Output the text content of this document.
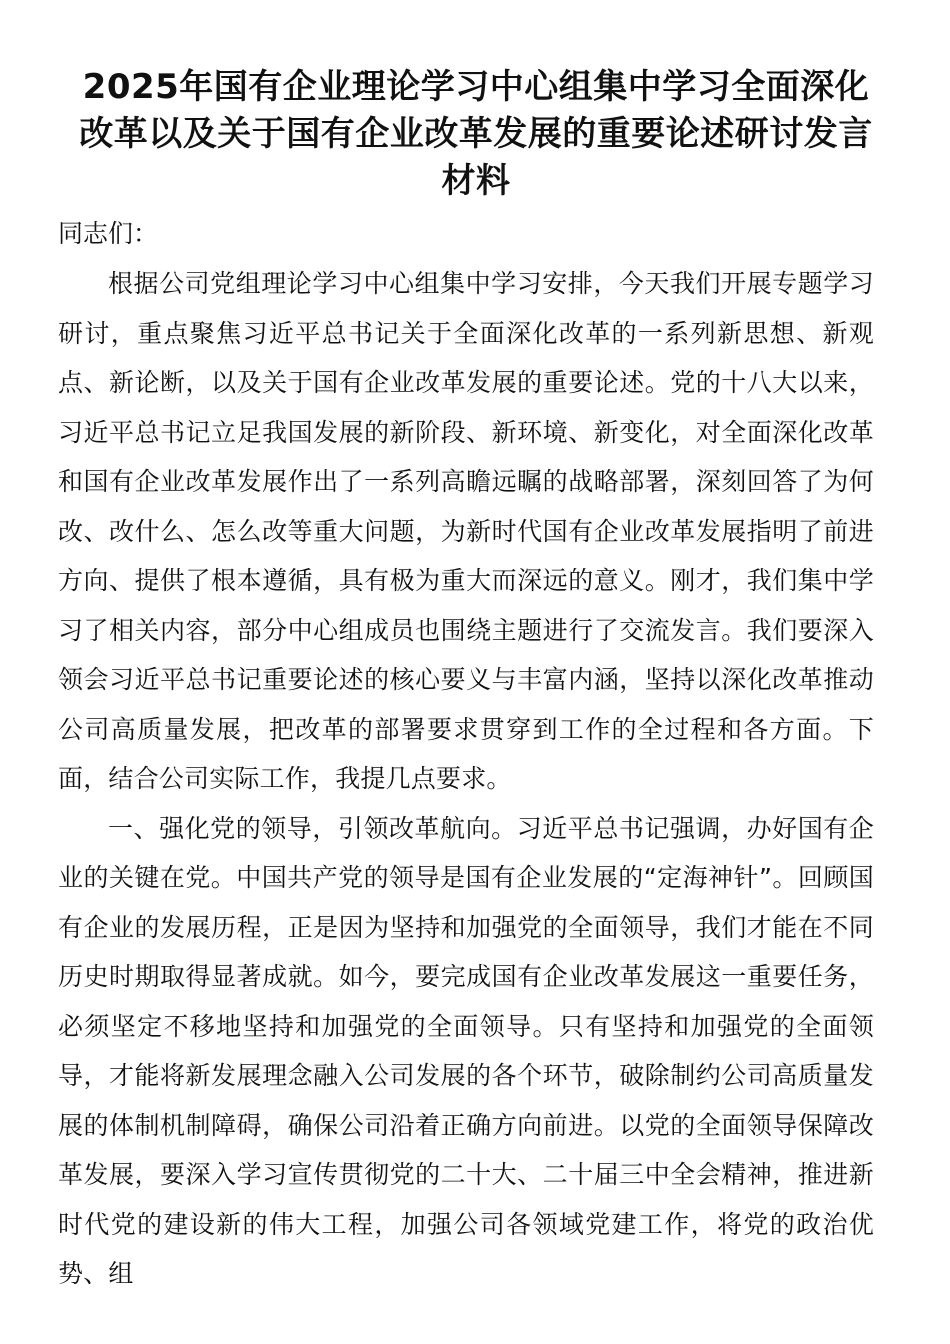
2025年国有企业理论学习中心组集中学习全面深化改革以及关于国有企业改革发展的重要论述研讨发言材料

同志们：

根据公司党组理论学习中心组集中学习安排，今天我们开展专题学习研讨，重点聚焦习近平总书记关于全面深化改革的一系列新思想、新观点、新论断，以及关于国有企业改革发展的重要论述。党的十八大以来，习近平总书记立足我国发展的新阶段、新环境、新变化，对全面深化改革和国有企业改革发展作出了一系列高瞻远瞩的战略部署，深刻回答了为何改、改什么、怎么改等重大问题，为新时代国有企业改革发展指明了前进方向、提供了根本遵循，具有极为重大而深远的意义。刚才，我们集中学习了相关内容，部分中心组成员也围绕主题进行了交流发言。我们要深入领会习近平总书记重要论述的核心要义与丰富内涵，坚持以深化改革推动公司高质量发展，把改革的部署要求贯穿到工作的全过程和各方面。下面，结合公司实际工作，我提几点要求。

一、强化党的领导，引领改革航向。习近平总书记强调，办好国有企业的关键在党。中国共产党的领导是国有企业发展的“定海神针”。回顾国有企业的发展历程，正是因为坚持和加强党的全面领导，我们才能在不同历史时期取得显著成就。如今，要完成国有企业改革发展这一重要任务，必须坚定不移地坚持和加强党的全面领导。只有坚持和加强党的全面领导，才能将新发展理念融入公司发展的各个环节，破除制约公司高质量发展的体制机制障碍，确保公司沿着正确方向前进。以党的全面领导保障改革发展，要深入学习宣传贯彻党的二十大、二十届三中全会精神，推进新时代党的建设新的伟大工程，加强公司各领域党建工作，将党的政治优势、组
